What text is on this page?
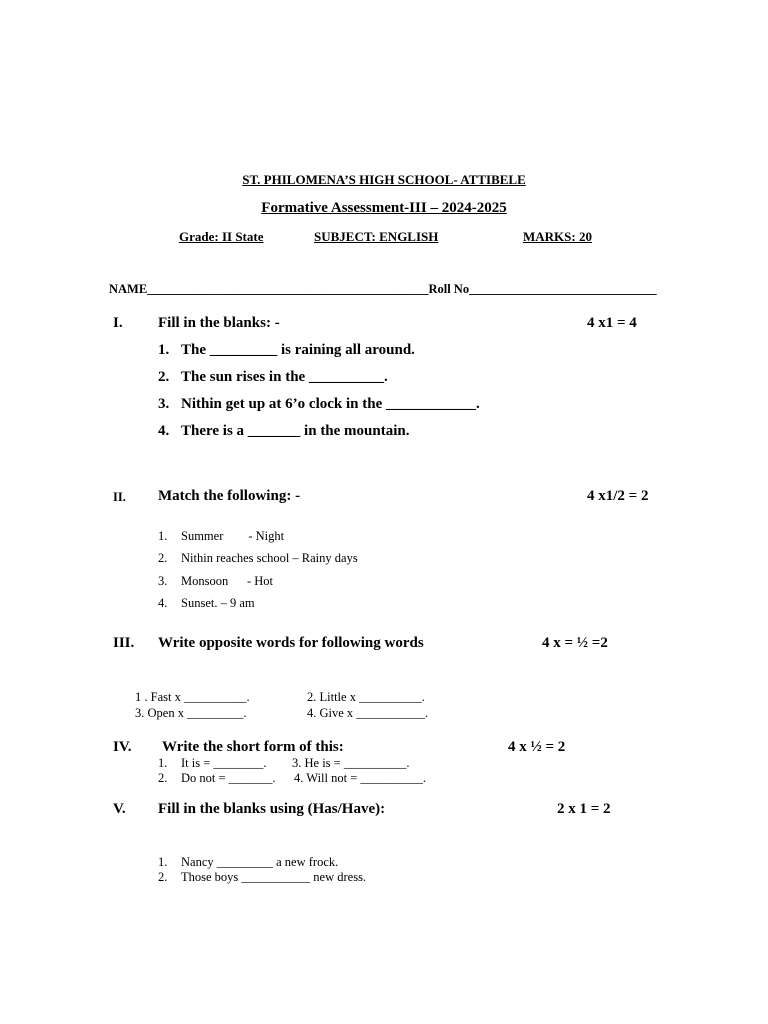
ST. PHILOMENA’S HIGH SCHOOL- ATTIBELE
Formative Assessment-III – 2024-2025
Grade: II State	SUBJECT: ENGLISH	MARKS: 20
NAME_____________________________________________Roll No______________________________
I. Fill in the blanks: -	4 x1 = 4
1. The _________ is raining all around.
2. The sun rises in the __________.
3. Nithin get up at 6’o clock in the ____________.
4. There is a _______ in the mountain.
II. Match the following: -	4 x1/2 = 2
1. Summer        - Night
2. Nithin reaches school – Rainy days
3. Monsoon      - Hot
4. Sunset. – 9 am
III. Write opposite words for following words	4 x = ½ =2
1 . Fast x __________.	2. Little x __________.
3. Open x _________.	4. Give x ___________.
IV. Write the short form of this:	4 x ½ = 2
1. It is = ________. 3. He is = __________.
2. Do not = _______. 4. Will not = __________.
V. Fill in the blanks using (Has/Have):	2 x 1 = 2
1. Nancy _________ a new frock.
2. Those boys ___________ new dress.
